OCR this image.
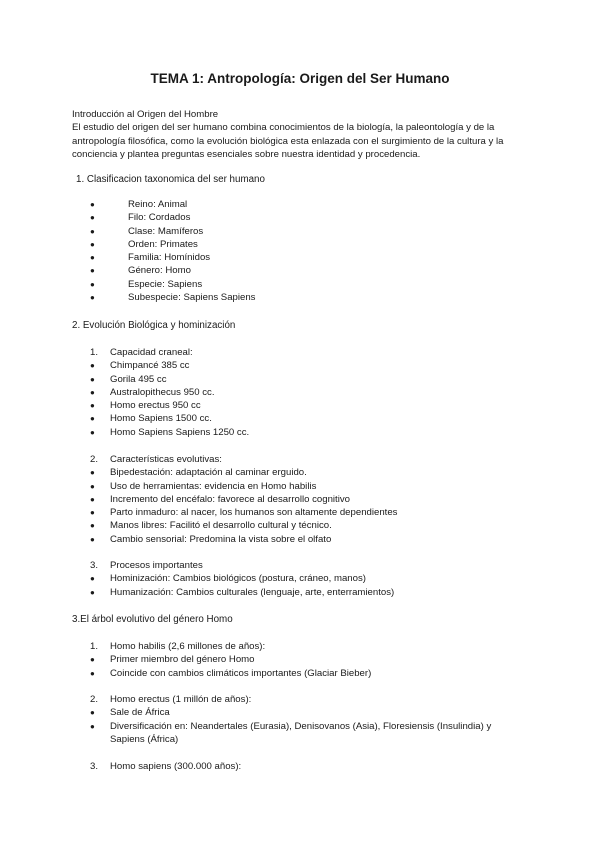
TEMA 1: Antropología: Origen del Ser Humano

Introducción al Origen del Hombre

El estudio del origen del ser humano combina conocimientos de la biología, la paleontología y de la antropología filosófica, como la evolución biológica esta enlazada con el surgimiento de la cultura y la conciencia y plantea preguntas esenciales sobre nuestra identidad y procedencia.

1. Clasificacion taxonomica del ser humano

●	Reino: Animal
●	Filo: Cordados
●	Clase: Mamíferos
●	Orden: Primates
●	Familia: Homínidos
●	Género: Homo
●	Especie: Sapiens
●	Subespecie: Sapiens Sapiens

2. Evolución Biológica y hominización

1. Capacidad craneal:
● Chimpancé 385 cc
● Gorila 495 cc
● Australopithecus 950 cc.
● Homo erectus 950 cc
● Homo Sapiens 1500 cc.
● Homo Sapiens Sapiens 1250 cc.
2. Características evolutivas:
● Bipedestación: adaptación al caminar erguido.
● Uso de herramientas: evidencia en Homo habilis
● Incremento del encéfalo: favorece al desarrollo cognitivo
● Parto inmaduro: al nacer, los humanos son altamente dependientes
● Manos libres: Facilitó el desarrollo cultural y técnico.
● Cambio sensorial: Predomina la vista sobre el olfato
3. Procesos importantes
● Hominización: Cambios biológicos (postura, cráneo, manos)
● Humanización: Cambios culturales (lenguaje, arte, enterramientos)

3.El árbol evolutivo del género Homo

1. Homo habilis (2,6 millones de años):
● Primer miembro del género Homo
● Coincide con cambios climáticos importantes (Glaciar Bieber)
2. Homo erectus (1 millón de años):
● Sale de África
● Diversificación en: Neandertales (Eurasia), Denisovanos (Asia), Floresiensis (Insulindia) y Sapiens (África)
3. Homo sapiens (300.000 años):
